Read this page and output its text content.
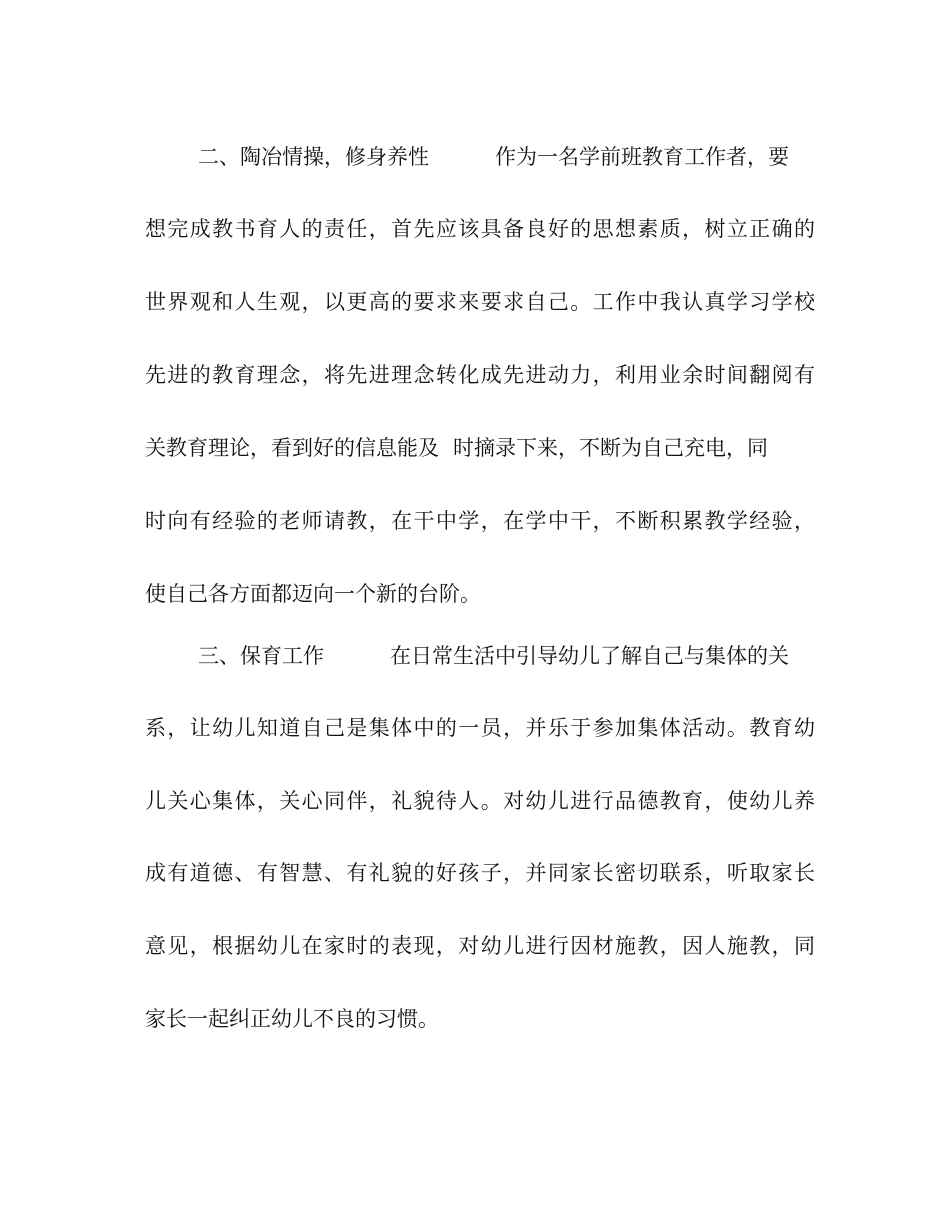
二、陶冶情操，修身养性	作为一名学前班教育工作者，要
想完成教书育人的责任，首先应该具备良好的思想素质，树立正确的
世界观和人生观，以更高的要求来要求自己。工作中我认真学习学校
先进的教育理念，将先进理念转化成先进动力，利用业余时间翻阅有
关教育理论，看到好的信息能及 时摘录下来，不断为自己充电，同
时向有经验的老师请教，在干中学，在学中干，不断积累教学经验，
使自己各方面都迈向一个新的台阶。
三、保育工作	在日常生活中引导幼儿了解自己与集体的关
系，让幼儿知道自己是集体中的一员，并乐于参加集体活动。教育幼
儿关心集体，关心同伴，礼貌待人。对幼儿进行品德教育，使幼儿养
成有道德、有智慧、有礼貌的好孩子，并同家长密切联系，听取家长
意见，根据幼儿在家时的表现，对幼儿进行因材施教，因人施教，同
家长一起纠正幼儿不良的习惯。
